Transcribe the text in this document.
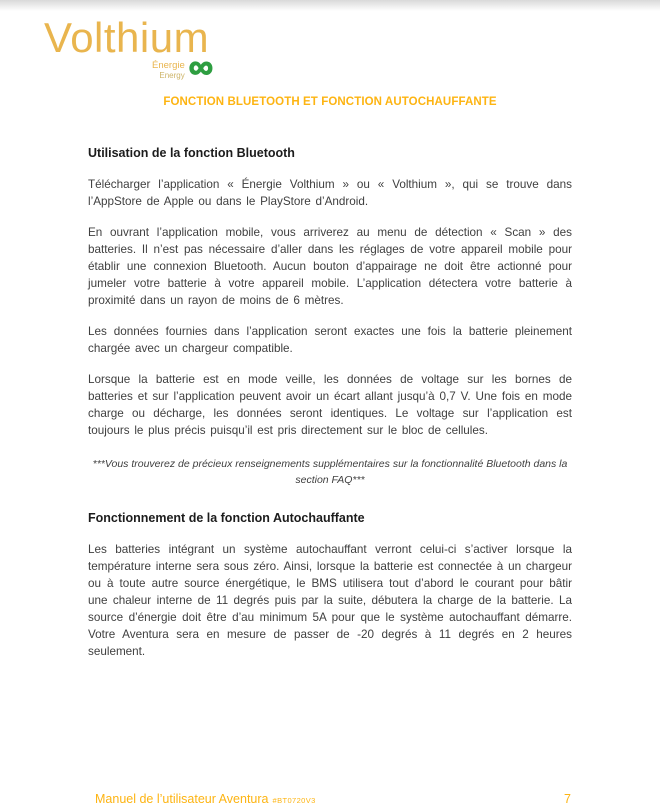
Volthium
Énergie
Energy ∞
FONCTION BLUETOOTH ET FONCTION AUTOCHAUFFANTE
Utilisation de la fonction Bluetooth

Télécharger l’application « Énergie Volthium » ou « Volthium », qui se trouve dans l’AppStore de Apple ou dans le PlayStore d’Android.

En ouvrant l’application mobile, vous arriverez au menu de détection « Scan » des batteries. Il n’est pas nécessaire d’aller dans les réglages de votre appareil mobile pour établir une connexion Bluetooth. Aucun bouton d’appairage ne doit être actionné pour jumeler votre batterie à votre appareil mobile. L’application détectera votre batterie à proximité dans un rayon de moins de 6 mètres.

Les données fournies dans l’application seront exactes une fois la batterie pleinement chargée avec un chargeur compatible.

Lorsque la batterie est en mode veille, les données de voltage sur les bornes de batteries et sur l’application peuvent avoir un écart allant jusqu’à 0,7 V. Une fois en mode charge ou décharge, les données seront identiques. Le voltage sur l’application est toujours le plus précis puisqu’il est pris directement sur le bloc de cellules.

***Vous trouverez de précieux renseignements supplémentaires sur la fonctionnalité Bluetooth dans la section FAQ***

Fonctionnement de la fonction Autochauffante

Les batteries intégrant un système autochauffant verront celui-ci s’activer lorsque la température interne sera sous zéro. Ainsi, lorsque la batterie est connectée à un chargeur ou à toute autre source énergétique, le BMS utilisera tout d’abord le courant pour bâtir une chaleur interne de 11 degrés puis par la suite, débutera la charge de la batterie. La source d’énergie doit être d’au minimum 5A pour que le système autochauffant démarre. Votre Aventura sera en mesure de passer de -20 degrés à 11 degrés en 2 heures seulement.

Manuel de l’utilisateur Aventura #BT0720V3	7
